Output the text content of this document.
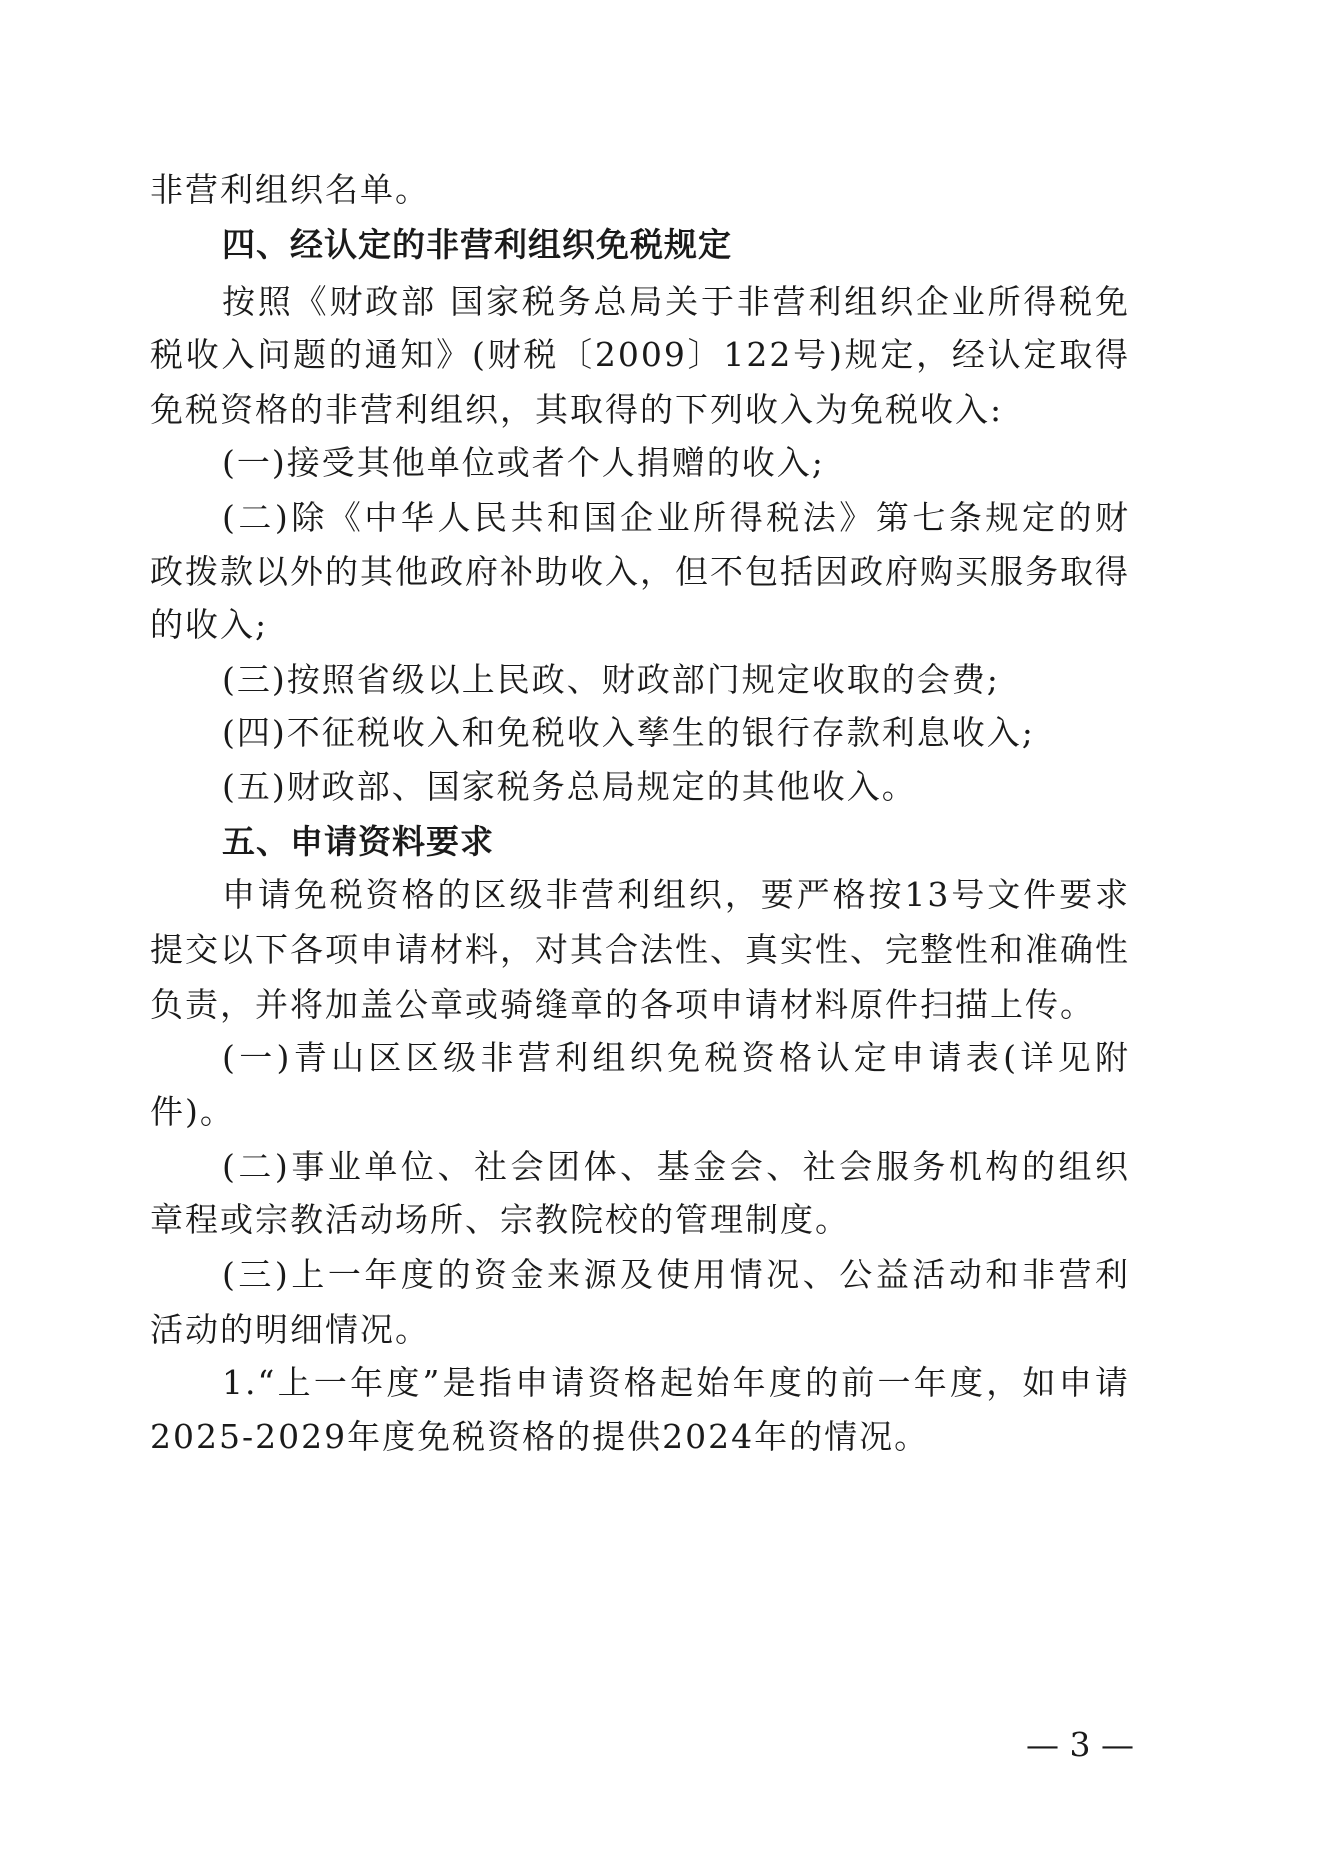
非营利组织名单。
四、经认定的非营利组织免税规定
按照《财政部 国家税务总局关于非营利组织企业所得税免
税收入问题的通知》(财税〔2009〕122号)规定，经认定取得
免税资格的非营利组织，其取得的下列收入为免税收入:
(一)接受其他单位或者个人捐赠的收入;
(二)除《中华人民共和国企业所得税法》第七条规定的财
政拨款以外的其他政府补助收入，但不包括因政府购买服务取得
的收入;
(三)按照省级以上民政、财政部门规定收取的会费;
(四)不征税收入和免税收入孳生的银行存款利息收入;
(五)财政部、国家税务总局规定的其他收入。
五、申请资料要求
申请免税资格的区级非营利组织，要严格按13号文件要求
提交以下各项申请材料，对其合法性、真实性、完整性和准确性
负责，并将加盖公章或骑缝章的各项申请材料原件扫描上传。
(一)青山区区级非营利组织免税资格认定申请表(详见附
件)。
(二)事业单位、社会团体、基金会、社会服务机构的组织
章程或宗教活动场所、宗教院校的管理制度。
(三)上一年度的资金来源及使用情况、公益活动和非营利
活动的明细情况。
1.“上一年度”是指申请资格起始年度的前一年度，如申请
2025-2029年度免税资格的提供2024年的情况。
— 3 —
